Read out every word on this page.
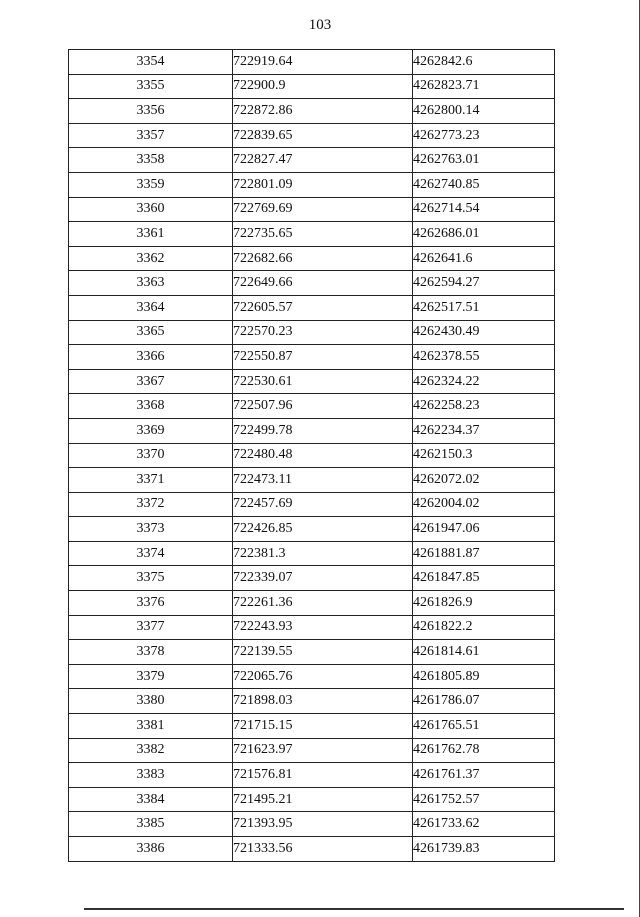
103
3354	722919.64	4262842.6
3355	722900.9	4262823.71
3356	722872.86	4262800.14
3357	722839.65	4262773.23
3358	722827.47	4262763.01
3359	722801.09	4262740.85
3360	722769.69	4262714.54
3361	722735.65	4262686.01
3362	722682.66	4262641.6
3363	722649.66	4262594.27
3364	722605.57	4262517.51
3365	722570.23	4262430.49
3366	722550.87	4262378.55
3367	722530.61	4262324.22
3368	722507.96	4262258.23
3369	722499.78	4262234.37
3370	722480.48	4262150.3
3371	722473.11	4262072.02
3372	722457.69	4262004.02
3373	722426.85	4261947.06
3374	722381.3	4261881.87
3375	722339.07	4261847.85
3376	722261.36	4261826.9
3377	722243.93	4261822.2
3378	722139.55	4261814.61
3379	722065.76	4261805.89
3380	721898.03	4261786.07
3381	721715.15	4261765.51
3382	721623.97	4261762.78
3383	721576.81	4261761.37
3384	721495.21	4261752.57
3385	721393.95	4261733.62
3386	721333.56	4261739.83
